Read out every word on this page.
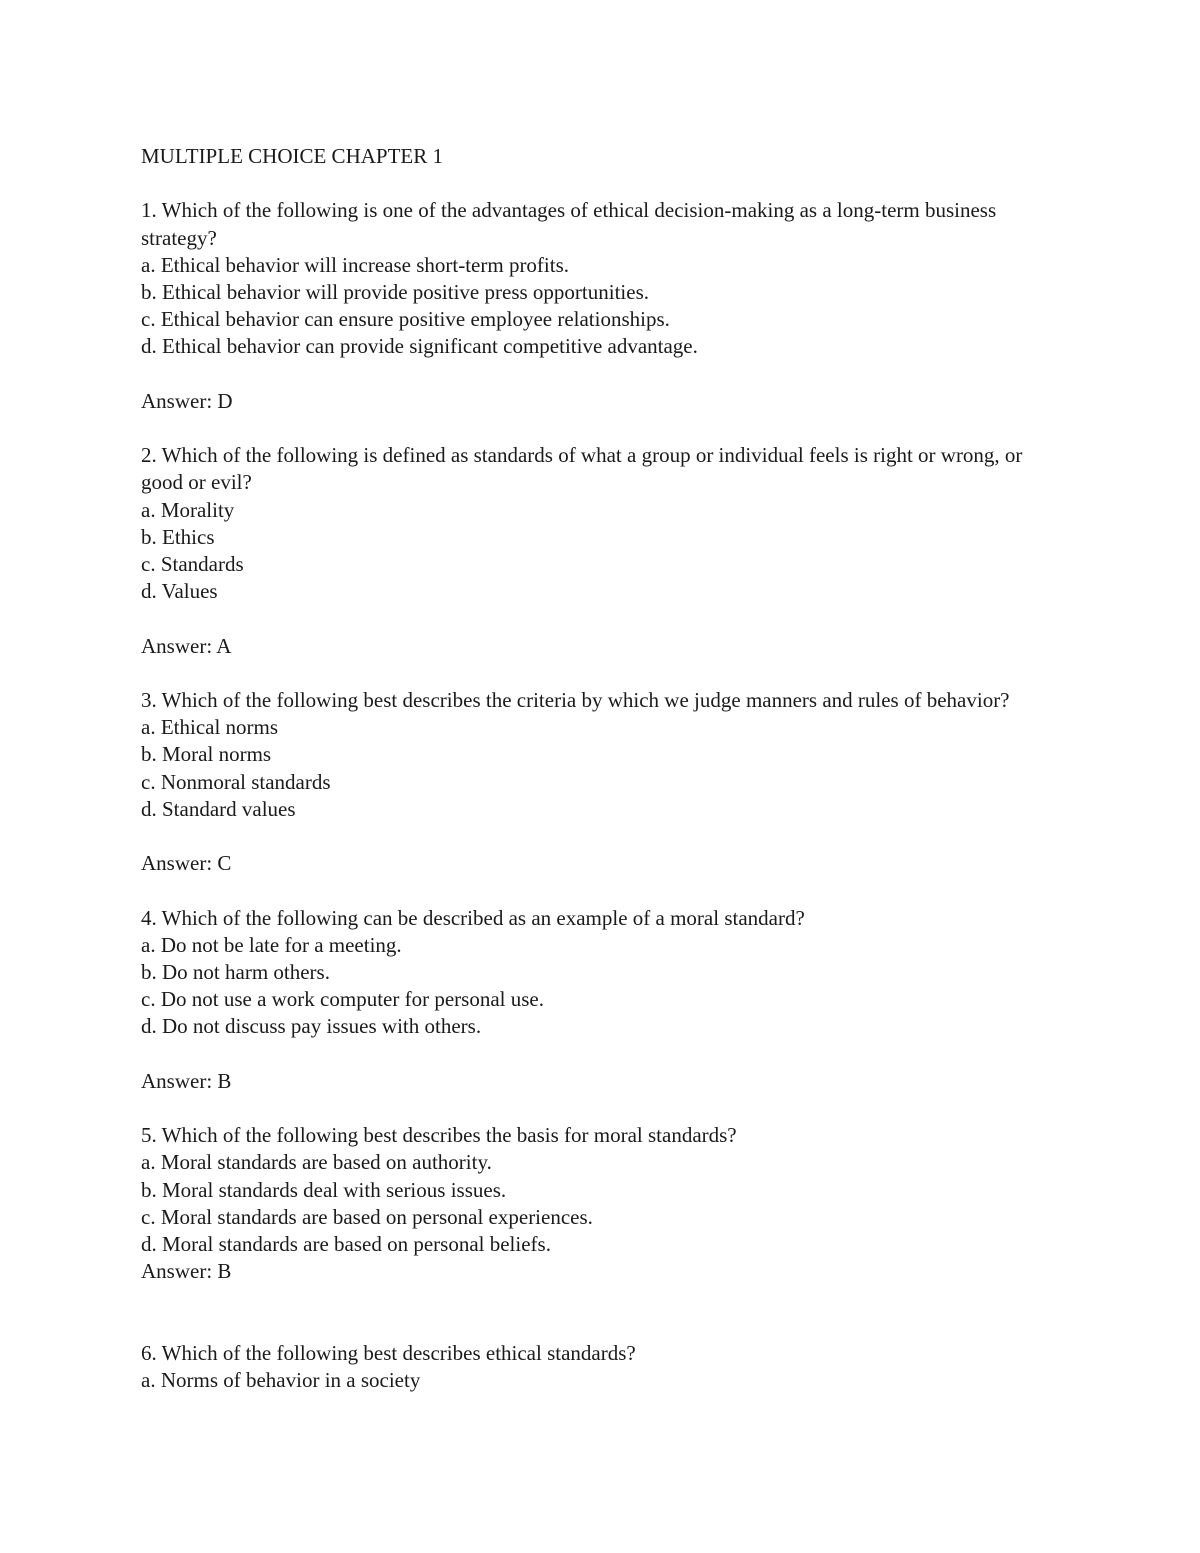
MULTIPLE CHOICE CHAPTER 1
1. Which of the following is one of the advantages of ethical decision-making as a long-term business strategy?
a. Ethical behavior will increase short-term profits.
b. Ethical behavior will provide positive press opportunities.
c. Ethical behavior can ensure positive employee relationships.
d. Ethical behavior can provide significant competitive advantage.
Answer: D
2. Which of the following is defined as standards of what a group or individual feels is right or wrong, or good or evil?
a. Morality
b. Ethics
c. Standards
d. Values
Answer: A
3. Which of the following best describes the criteria by which we judge manners and rules of behavior?
a. Ethical norms
b. Moral norms
c. Nonmoral standards
d. Standard values
Answer: C
4. Which of the following can be described as an example of a moral standard?
a. Do not be late for a meeting.
b. Do not harm others.
c. Do not use a work computer for personal use.
d. Do not discuss pay issues with others.
Answer: B
5. Which of the following best describes the basis for moral standards?
a. Moral standards are based on authority.
b. Moral standards deal with serious issues.
c. Moral standards are based on personal experiences.
d. Moral standards are based on personal beliefs.
Answer: B
6. Which of the following best describes ethical standards?
a. Norms of behavior in a society
